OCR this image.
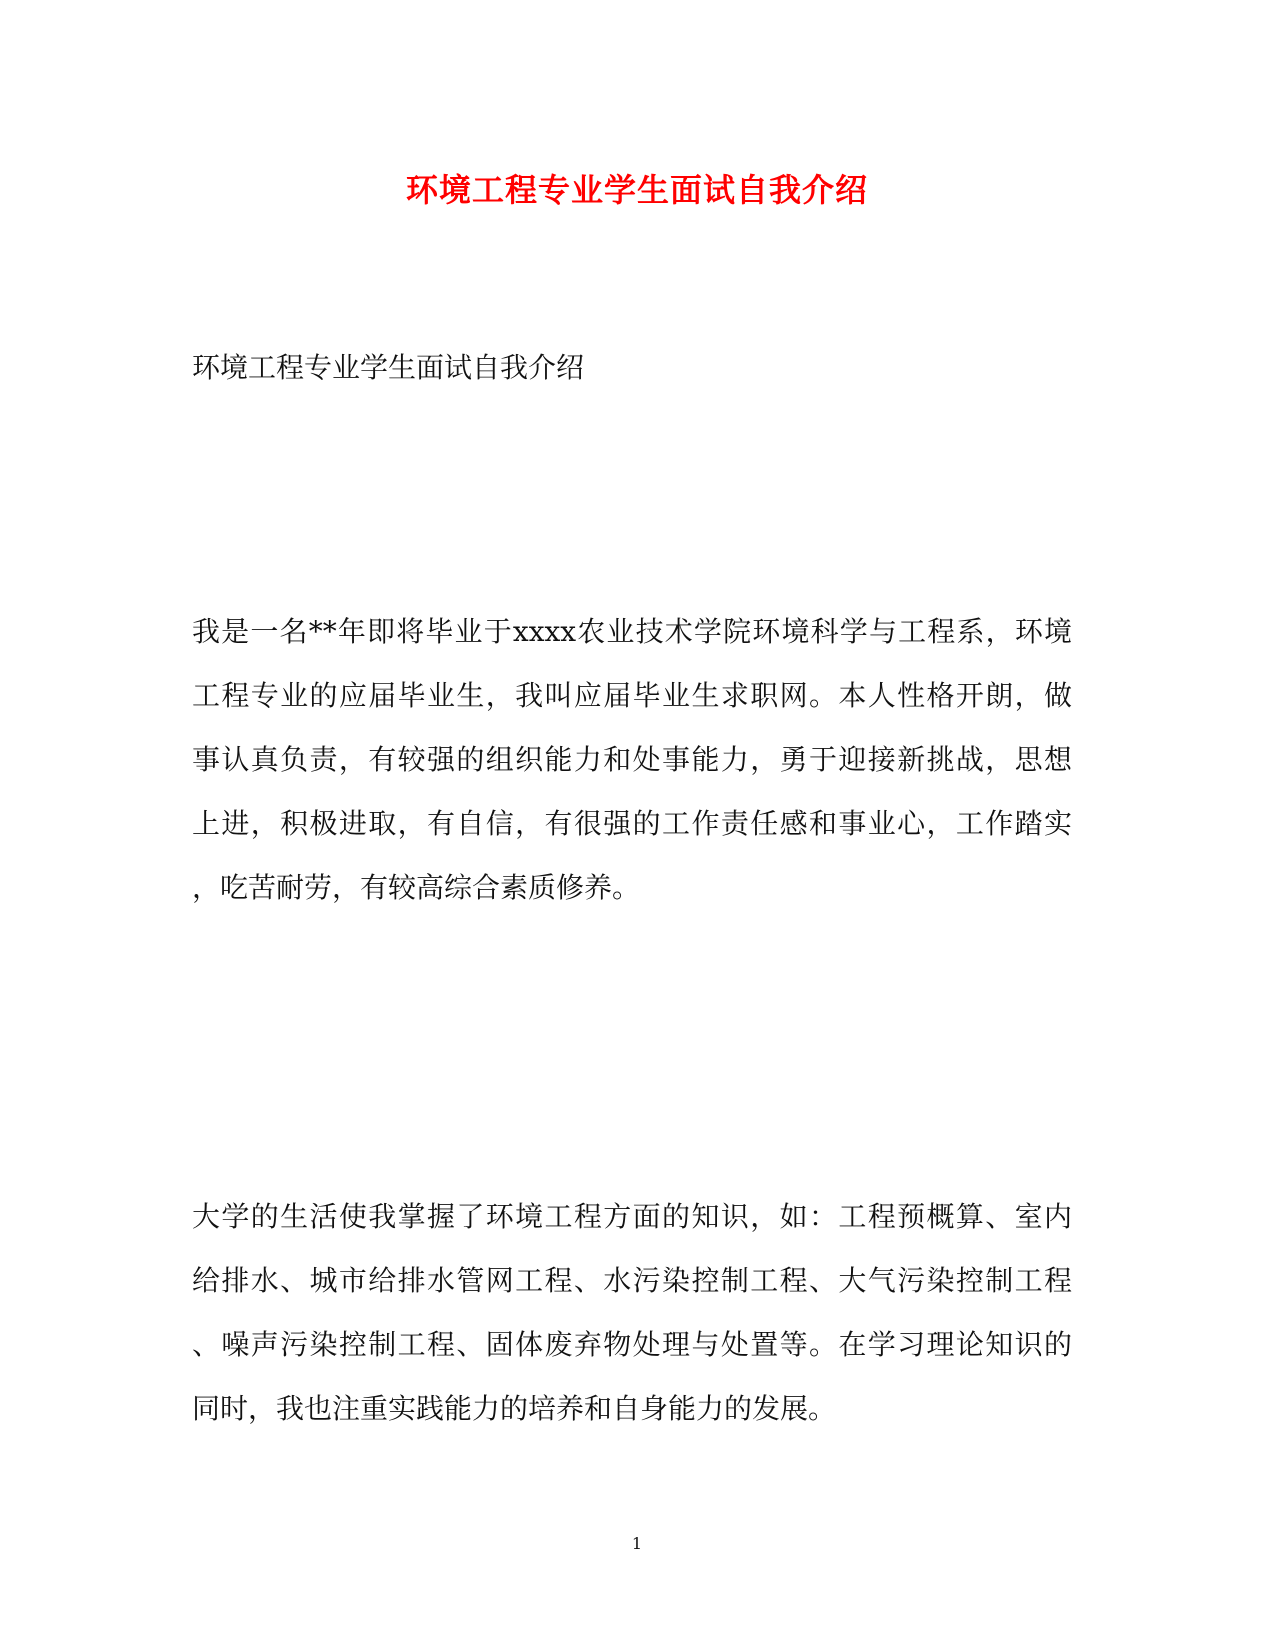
环境工程专业学生面试自我介绍
环境工程专业学生面试自我介绍
我是一名**年即将毕业于xxxx农业技术学院环境科学与工程系，环境
工程专业的应届毕业生，我叫应届毕业生求职网。本人性格开朗，做
事认真负责，有较强的组织能力和处事能力，勇于迎接新挑战，思想
上进，积极进取，有自信，有很强的工作责任感和事业心，工作踏实
，吃苦耐劳，有较高综合素质修养。
大学的生活使我掌握了环境工程方面的知识，如：工程预概算、室内
给排水、城市给排水管网工程、水污染控制工程、大气污染控制工程
、噪声污染控制工程、固体废弃物处理与处置等。在学习理论知识的
同时，我也注重实践能力的培养和自身能力的发展。
1
